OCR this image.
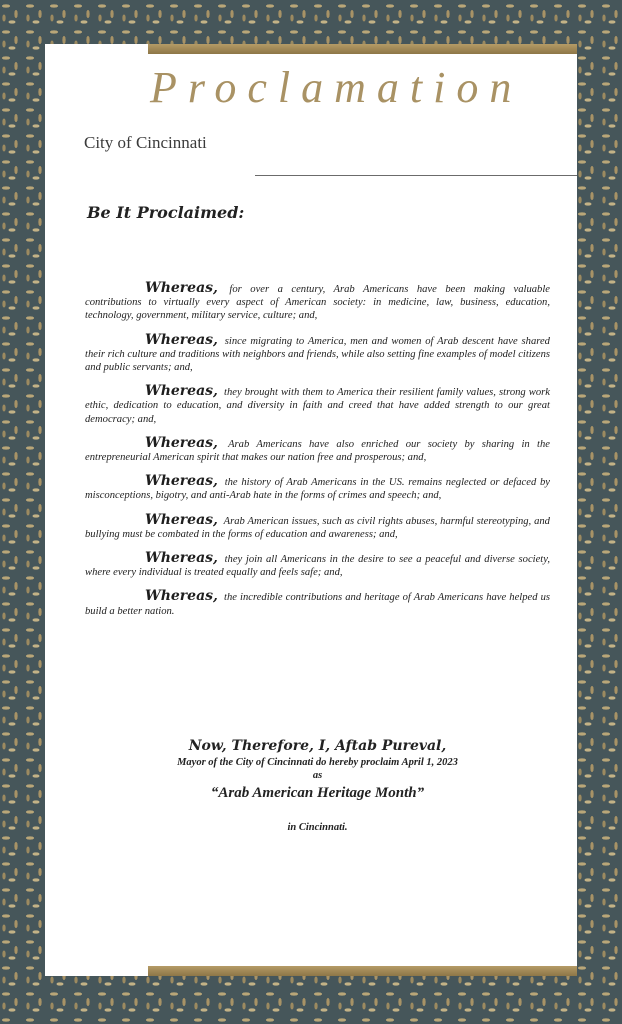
Proclamation
City of Cincinnati
Be It Proclaimed:

Whereas, for over a century, Arab Americans have been making valuable contributions to virtually every aspect of American society: in medicine, law, business, education, technology, government, military service, culture; and,

Whereas, since migrating to America, men and women of Arab descent have shared their rich culture and traditions with neighbors and friends, while also setting fine examples of model citizens and public servants; and,

Whereas, they brought with them to America their resilient family values, strong work ethic, dedication to education, and diversity in faith and creed that have added strength to our great democracy; and,

Whereas, Arab Americans have also enriched our society by sharing in the entrepreneurial American spirit that makes our nation free and prosperous; and,

Whereas, the history of Arab Americans in the US. remains neglected or defaced by misconceptions, bigotry, and anti-Arab hate in the forms of crimes and speech; and,

Whereas, Arab American issues, such as civil rights abuses, harmful stereotyping, and bullying must be combated in the forms of education and awareness; and,

Whereas, they join all Americans in the desire to see a peaceful and diverse society, where every individual is treated equally and feels safe; and,

Whereas, the incredible contributions and heritage of Arab Americans have helped us build a better nation.

Now, Therefore, I, Aftab Pureval,
Mayor of the City of Cincinnati do hereby proclaim April 1, 2023
as
“Arab American Heritage Month”
in Cincinnati.
